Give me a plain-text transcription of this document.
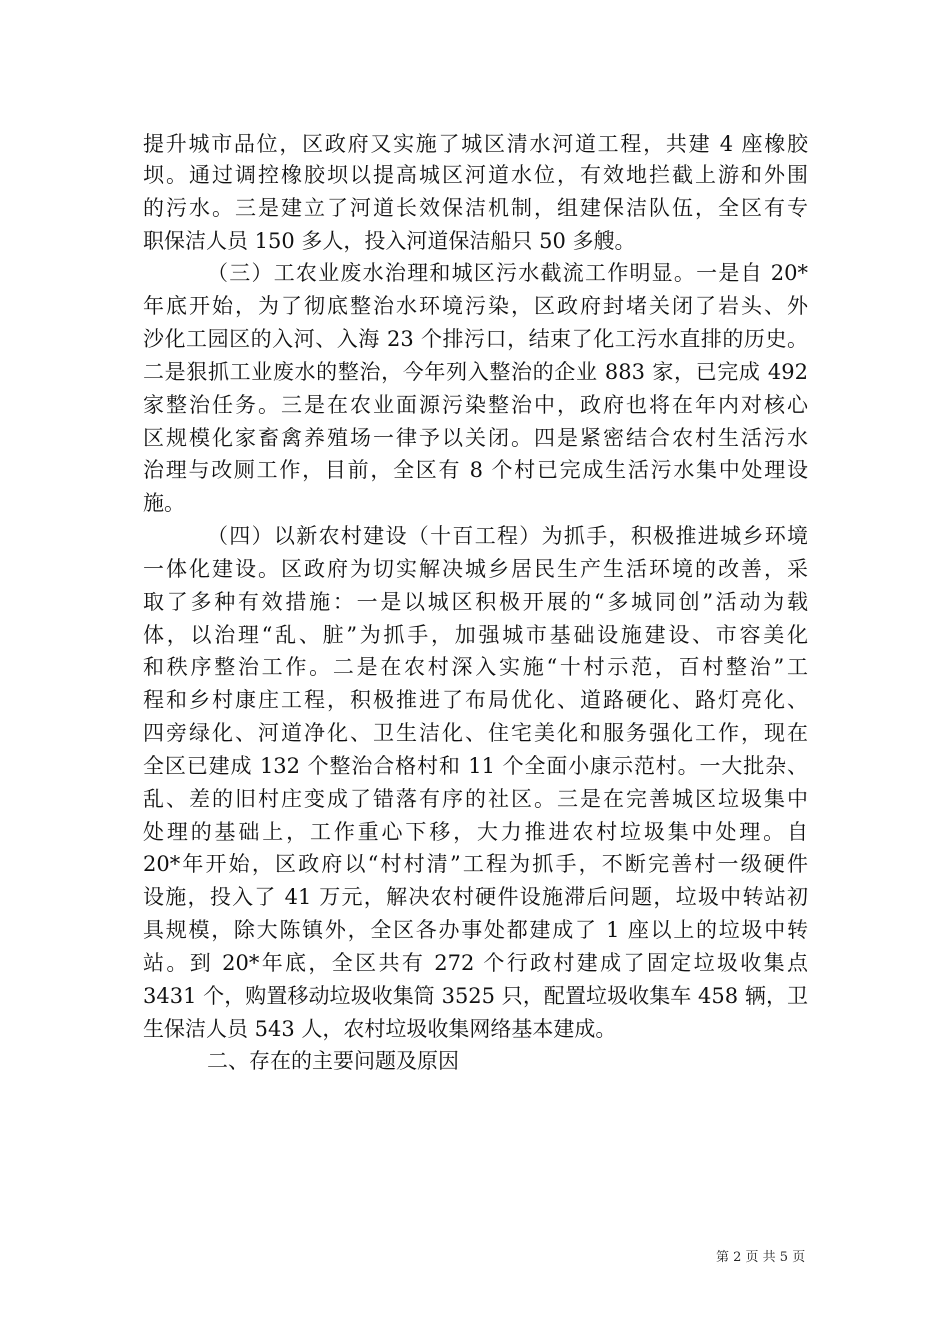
提升城市品位，区政府又实施了城区清水河道工程，共建 4 座橡胶
坝。通过调控橡胶坝以提高城区河道水位，有效地拦截上游和外围
的污水。三是建立了河道长效保洁机制，组建保洁队伍，全区有专
职保洁人员 150 多人，投入河道保洁船只 50 多艘。
（三）工农业废水治理和城区污水截流工作明显。一是自 20*
年底开始，为了彻底整治水环境污染，区政府封堵关闭了岩头、外
沙化工园区的入河、入海 23 个排污口，结束了化工污水直排的历史。
二是狠抓工业废水的整治，今年列入整治的企业 883 家，已完成 492
家整治任务。三是在农业面源污染整治中，政府也将在年内对核心
区规模化家畜禽养殖场一律予以关闭。四是紧密结合农村生活污水
治理与改厕工作，目前，全区有 8 个村已完成生活污水集中处理设
施。
（四）以新农村建设（十百工程）为抓手，积极推进城乡环境
一体化建设。区政府为切实解决城乡居民生产生活环境的改善，采
取了多种有效措施：一是以城区积极开展的“多城同创”活动为载
体，以治理“乱、脏”为抓手，加强城市基础设施建设、市容美化
和秩序整治工作。二是在农村深入实施“十村示范，百村整治”工
程和乡村康庄工程，积极推进了布局优化、道路硬化、路灯亮化、
四旁绿化、河道净化、卫生洁化、住宅美化和服务强化工作，现在
全区已建成 132 个整治合格村和 11 个全面小康示范村。一大批杂、
乱、差的旧村庄变成了错落有序的社区。三是在完善城区垃圾集中
处理的基础上，工作重心下移，大力推进农村垃圾集中处理。自
20*年开始，区政府以“村村清”工程为抓手，不断完善村一级硬件
设施，投入了 41 万元，解决农村硬件设施滞后问题，垃圾中转站初
具规模，除大陈镇外，全区各办事处都建成了 1 座以上的垃圾中转
站。到 20*年底，全区共有 272 个行政村建成了固定垃圾收集点
3431 个，购置移动垃圾收集筒 3525 只，配置垃圾收集车 458 辆，卫
生保洁人员 543 人，农村垃圾收集网络基本建成。
二、存在的主要问题及原因
第 2 页 共 5 页
